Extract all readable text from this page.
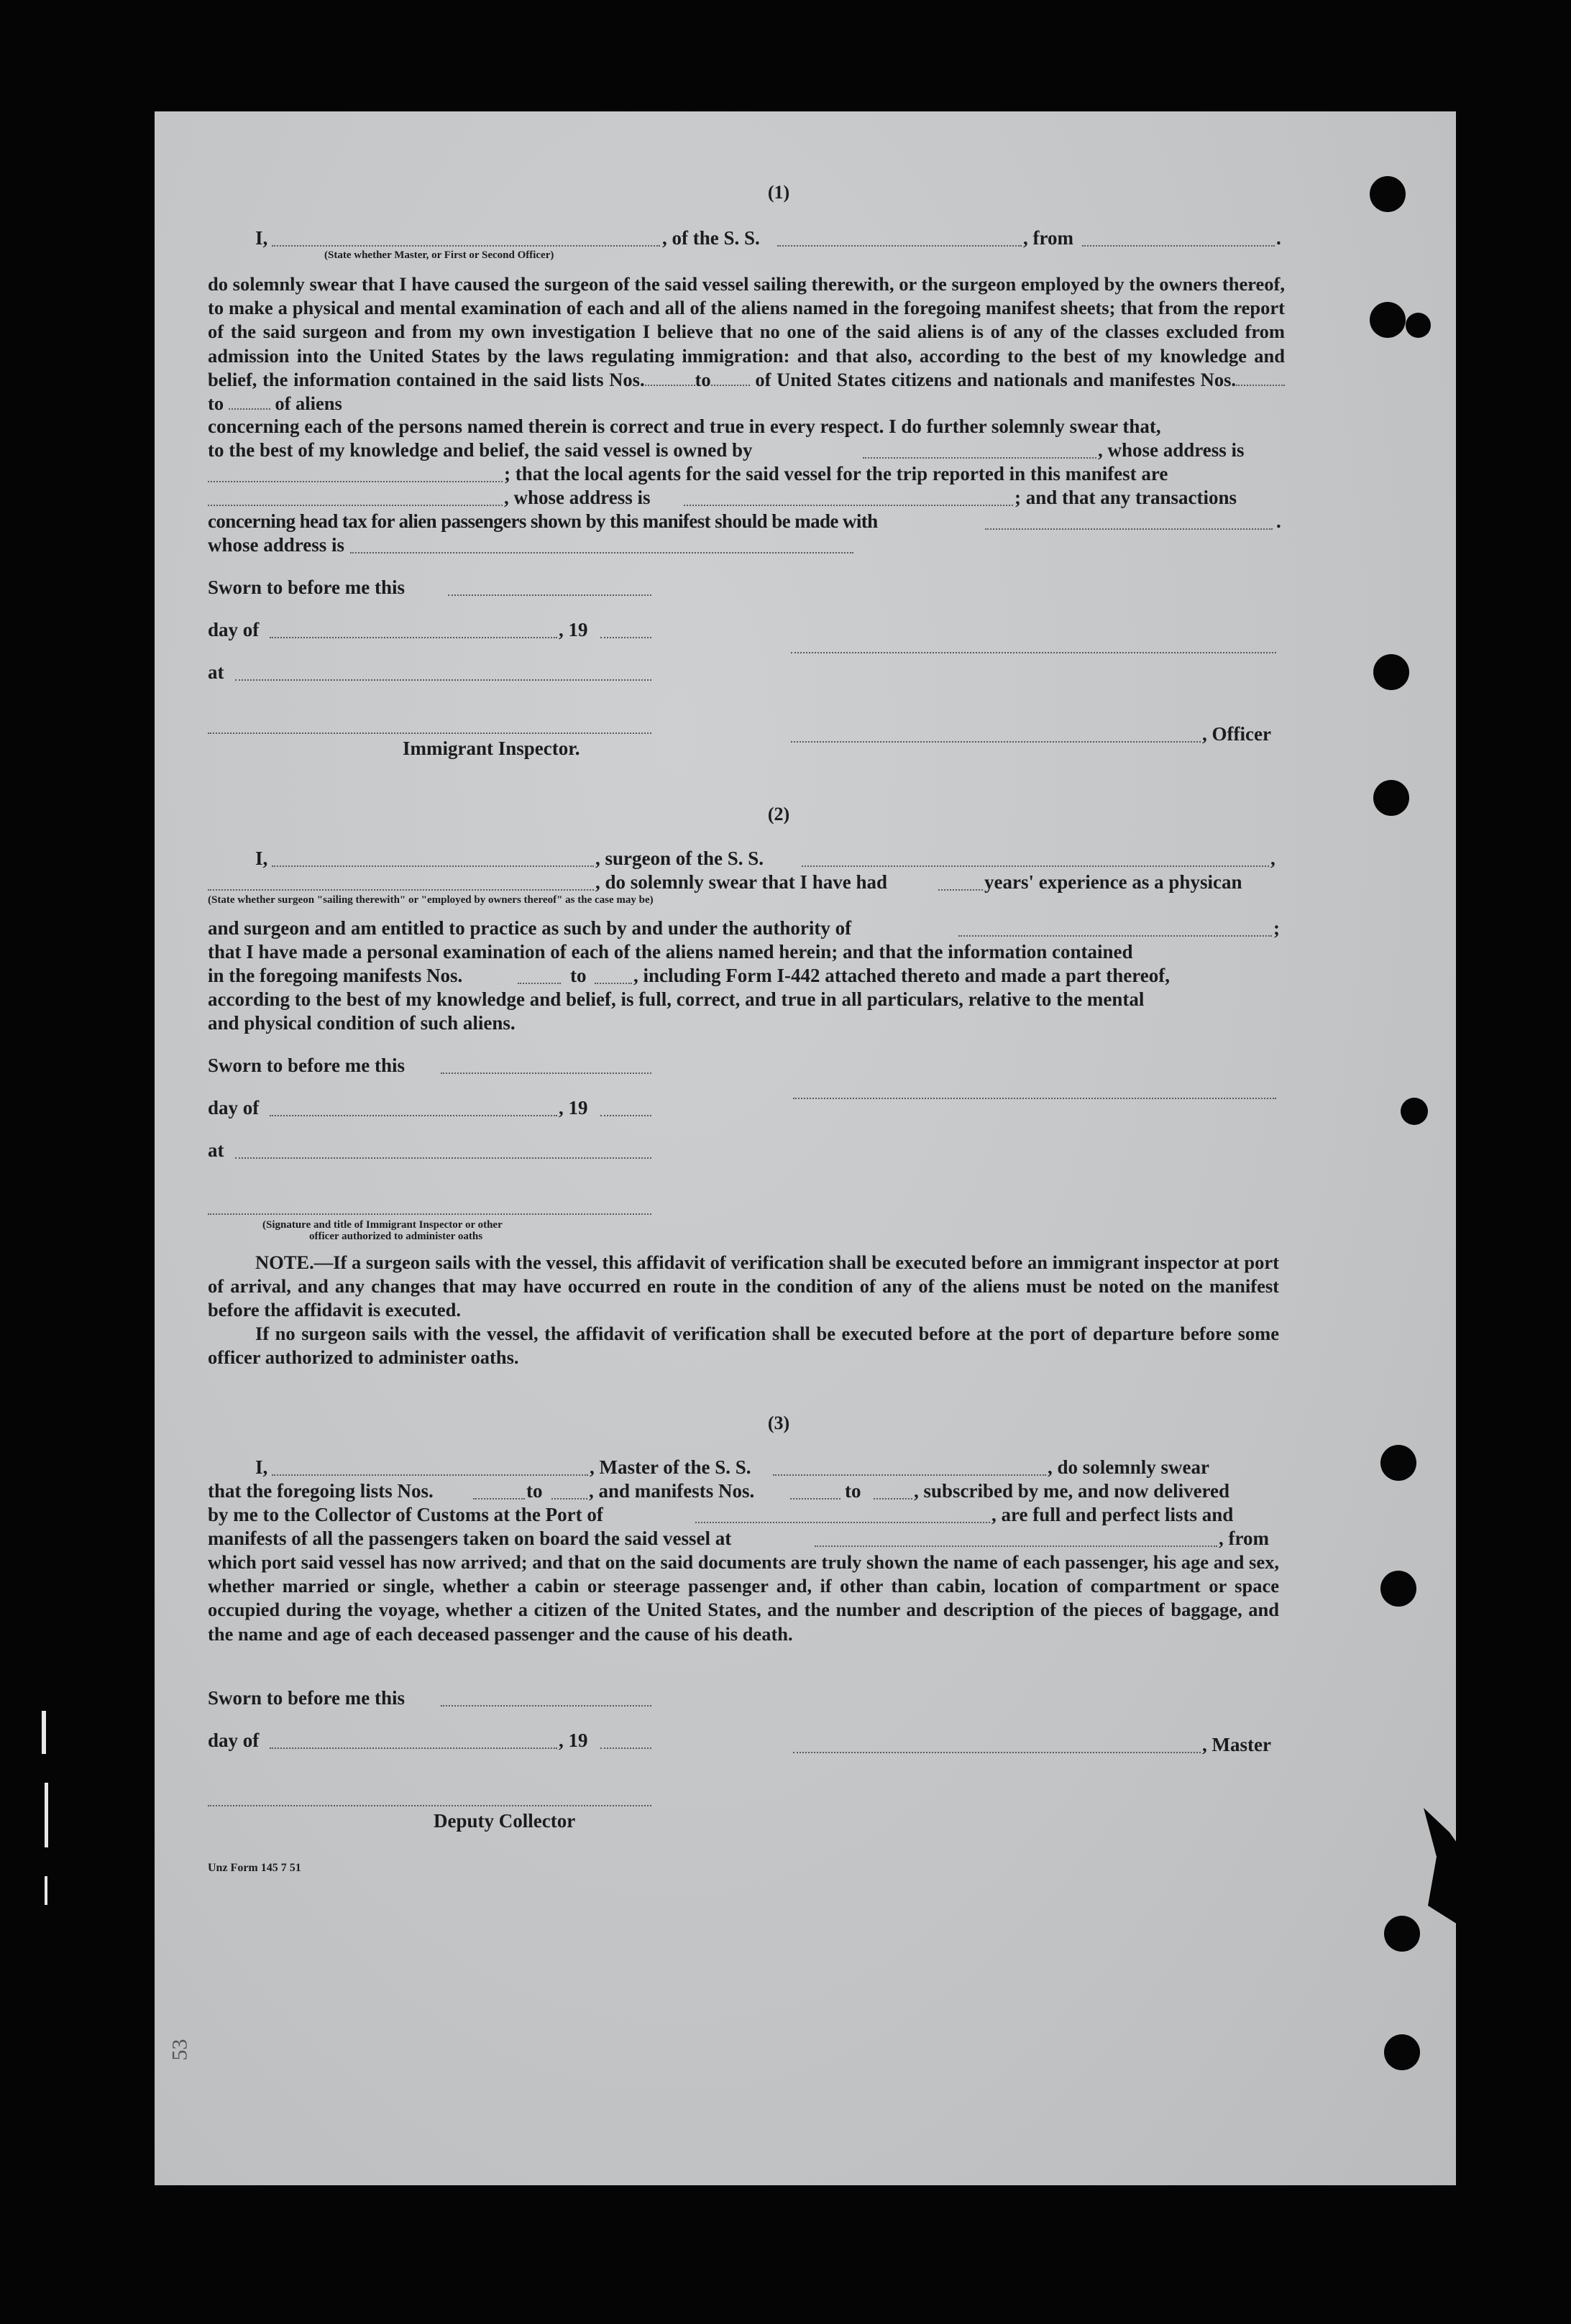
(1)
I,	, of the S. S.	, from	.
(State whether Master, or First or Second Officer)
do solemnly swear that I have caused the surgeon of the said vessel sailing therewith, or the surgeon employed by the owners thereof, to make a physical and mental examination of each and all of the aliens named in the foregoing manifest sheets; that from the report of the said surgeon and from my own investigation I believe that no one of the said aliens is of any of the classes excluded from admission into the United States by the laws regulating immigration: and that also, according to the best of my knowledge and belief, the information contained in the said lists Nos.	to of United States citizens and nationals and manifestes Nos. to	of aliens
concerning each of the persons named therein is correct and true in every respect. I do further solemnly swear that,
to the best of my knowledge and belief, the said vessel is owned by	, whose address is
; that the local agents for the said vessel for the trip reported in this manifest are
, whose address is	; and that any transactions
concerning head tax for alien passengers shown by this manifest should be made with	.
whose address is
Sworn to before me this
day of	, 19
at
, Officer
Immigrant Inspector.
(2)
I,	, surgeon of the S. S.	,
, do solemnly swear that I have had	years' experience as a physican
(State whether surgeon "sailing therewith" or "employed by owners thereof" as the case may be)
and surgeon and am entitled to practice as such by and under the authority of	;
that I have made a personal examination of each of the aliens named herein; and that the information contained
in the foregoing manifests Nos.	to , including Form I-442 attached thereto and made a part thereof,
according to the best of my knowledge and belief, is full, correct, and true in all particulars, relative to the mental
and physical condition of such aliens.
Sworn to before me this
day of	, 19
at
(Signature and title of Immigrant Inspector or other
officer authorized to administer oaths
NOTE.—If a surgeon sails with the vessel, this affidavit of verification shall be executed before an immigrant inspector at port of arrival, and any changes that may have occurred en route in the condition of any of the aliens must be noted on the manifest before the affidavit is executed.
If no surgeon sails with the vessel, the affidavit of verification shall be executed before at the port of departure before some officer authorized to administer oaths.
(3)
I,	, Master of the S. S.	, do solemnly swear
that the foregoing lists Nos.	to , and manifests Nos.	to	, subscribed by me, and now delivered
by me to the Collector of Customs at the Port of	, are full and perfect lists and
manifests of all the passengers taken on board the said vessel at	, from
which port said vessel has now arrived; and that on the said documents are truly shown the name of each passenger, his age and sex, whether married or single, whether a cabin or steerage passenger and, if other than cabin, location of compartment or space occupied during the voyage, whether a citizen of the United States, and the number and description of the pieces of baggage, and the name and age of each deceased passenger and the cause of his death.
Sworn to before me this
day of	, 19	, Master
Deputy Collector
Unz Form 145 7 51
53
